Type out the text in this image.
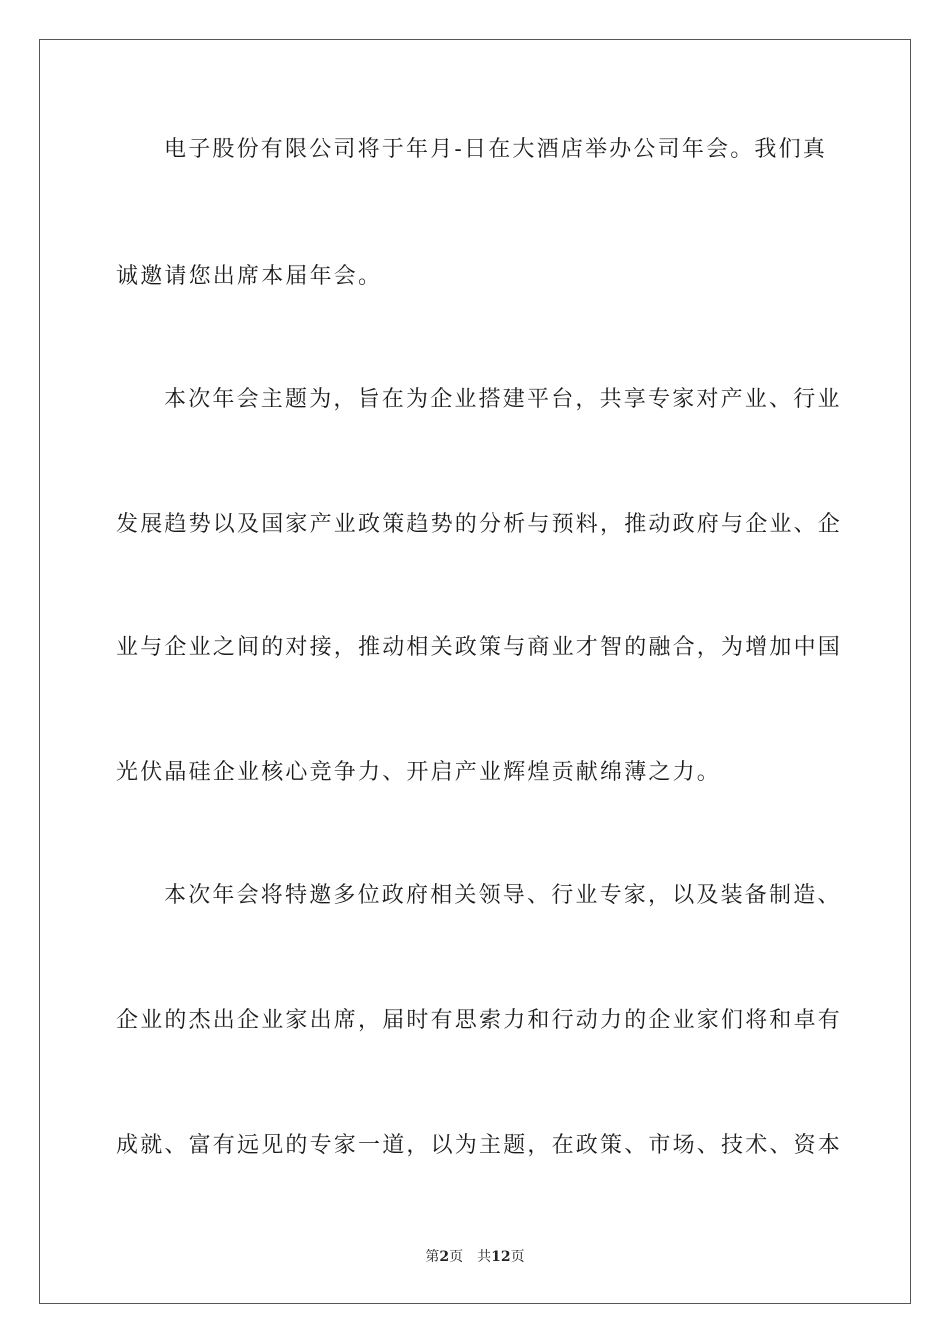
电子股份有限公司将于年月-日在大酒店举办公司年会。我们真
诚邀请您出席本届年会。
本次年会主题为，旨在为企业搭建平台，共享专家对产业、行业
发展趋势以及国家产业政策趋势的分析与预料，推动政府与企业、企
业与企业之间的对接，推动相关政策与商业才智的融合，为增加中国
光伏晶硅企业核心竞争力、开启产业辉煌贡献绵薄之力。
本次年会将特邀多位政府相关领导、行业专家，以及装备制造、
企业的杰出企业家出席，届时有思索力和行动力的企业家们将和卓有
成就、富有远见的专家一道，以为主题，在政策、市场、技术、资本
第2页 共12页
